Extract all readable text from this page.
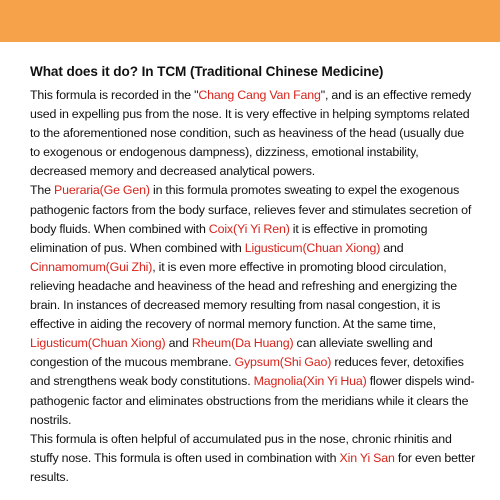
What does it do? In TCM (Traditional Chinese Medicine)

This formula is recorded in the "Chang Cang Van Fang", and is an effective remedy used in expelling pus from the nose. It is very effective in helping symptoms related to the aforementioned nose condition, such as heaviness of the head (usually due to exogenous or endogenous dampness), dizziness, emotional instability, decreased memory and decreased analytical powers.

The Pueraria(Ge Gen) in this formula promotes sweating to expel the exogenous pathogenic factors from the body surface, relieves fever and stimulates secretion of body fluids. When combined with Coix(Yi Yi Ren) it is effective in promoting elimination of pus. When combined with Ligusticum(Chuan Xiong) and Cinnamomum(Gui Zhi), it is even more effective in promoting blood circulation, relieving headache and heaviness of the head and refreshing and energizing the brain. In instances of decreased memory resulting from nasal congestion, it is effective in aiding the recovery of normal memory function. At the same time, Ligusticum(Chuan Xiong) and Rheum(Da Huang) can alleviate swelling and congestion of the mucous membrane. Gypsum(Shi Gao) reduces fever, detoxifies and strengthens weak body constitutions. Magnolia(Xin Yi Hua) flower dispels wind-pathogenic factor and eliminates obstructions from the meridians while it clears the nostrils.

This formula is often helpful of accumulated pus in the nose, chronic rhinitis and stuffy nose. This formula is often used in combination with Xin Yi San for even better results.
